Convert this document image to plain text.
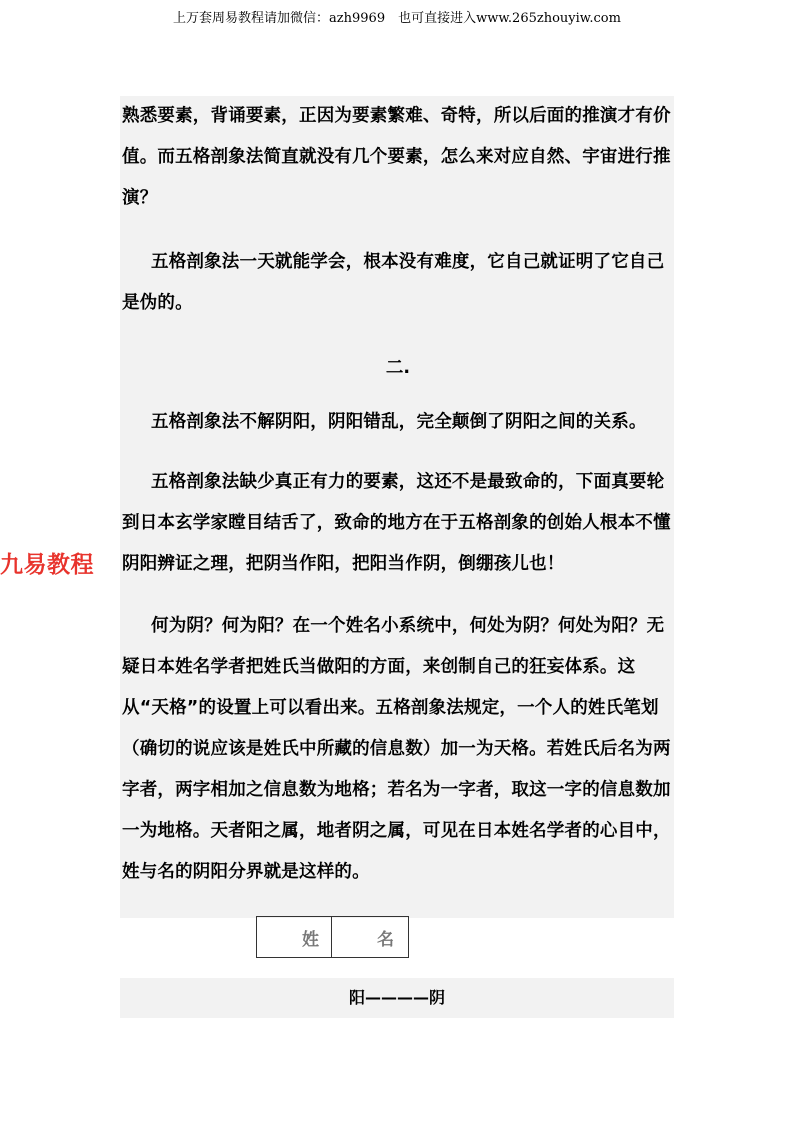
上万套周易教程请加微信：azh9969　也可直接进入www.265zhouyiw.com
熟悉要素，背诵要素，正因为要素繁难、奇特，所以后面的推演才有价值。而五格剖象法简直就没有几个要素，怎么来对应自然、宇宙进行推演？
五格剖象法一天就能学会，根本没有难度，它自己就证明了它自己是伪的。
二.
五格剖象法不解阴阳，阴阳错乱，完全颠倒了阴阳之间的关系。
五格剖象法缺少真正有力的要素，这还不是最致命的，下面真要轮到日本玄学家瞠目结舌了，致命的地方在于五格剖象的创始人根本不懂阴阳辨证之理，把阴当作阳，把阳当作阴，倒绷孩儿也！
九易教程
何为阴？何为阳？在一个姓名小系统中，何处为阴？何处为阳？无疑日本姓名学者把姓氏当做阳的方面，来创制自己的狂妄体系。这从“天格”的设置上可以看出来。五格剖象法规定，一个人的姓氏笔划（确切的说应该是姓氏中所藏的信息数）加一为天格。若姓氏后名为两字者，两字相加之信息数为地格；若名为一字者，取这一字的信息数加一为地格。天者阳之属，地者阴之属，可见在日本姓名学者的心目中，姓与名的阴阳分界就是这样的。
姓	名
阳————阴
